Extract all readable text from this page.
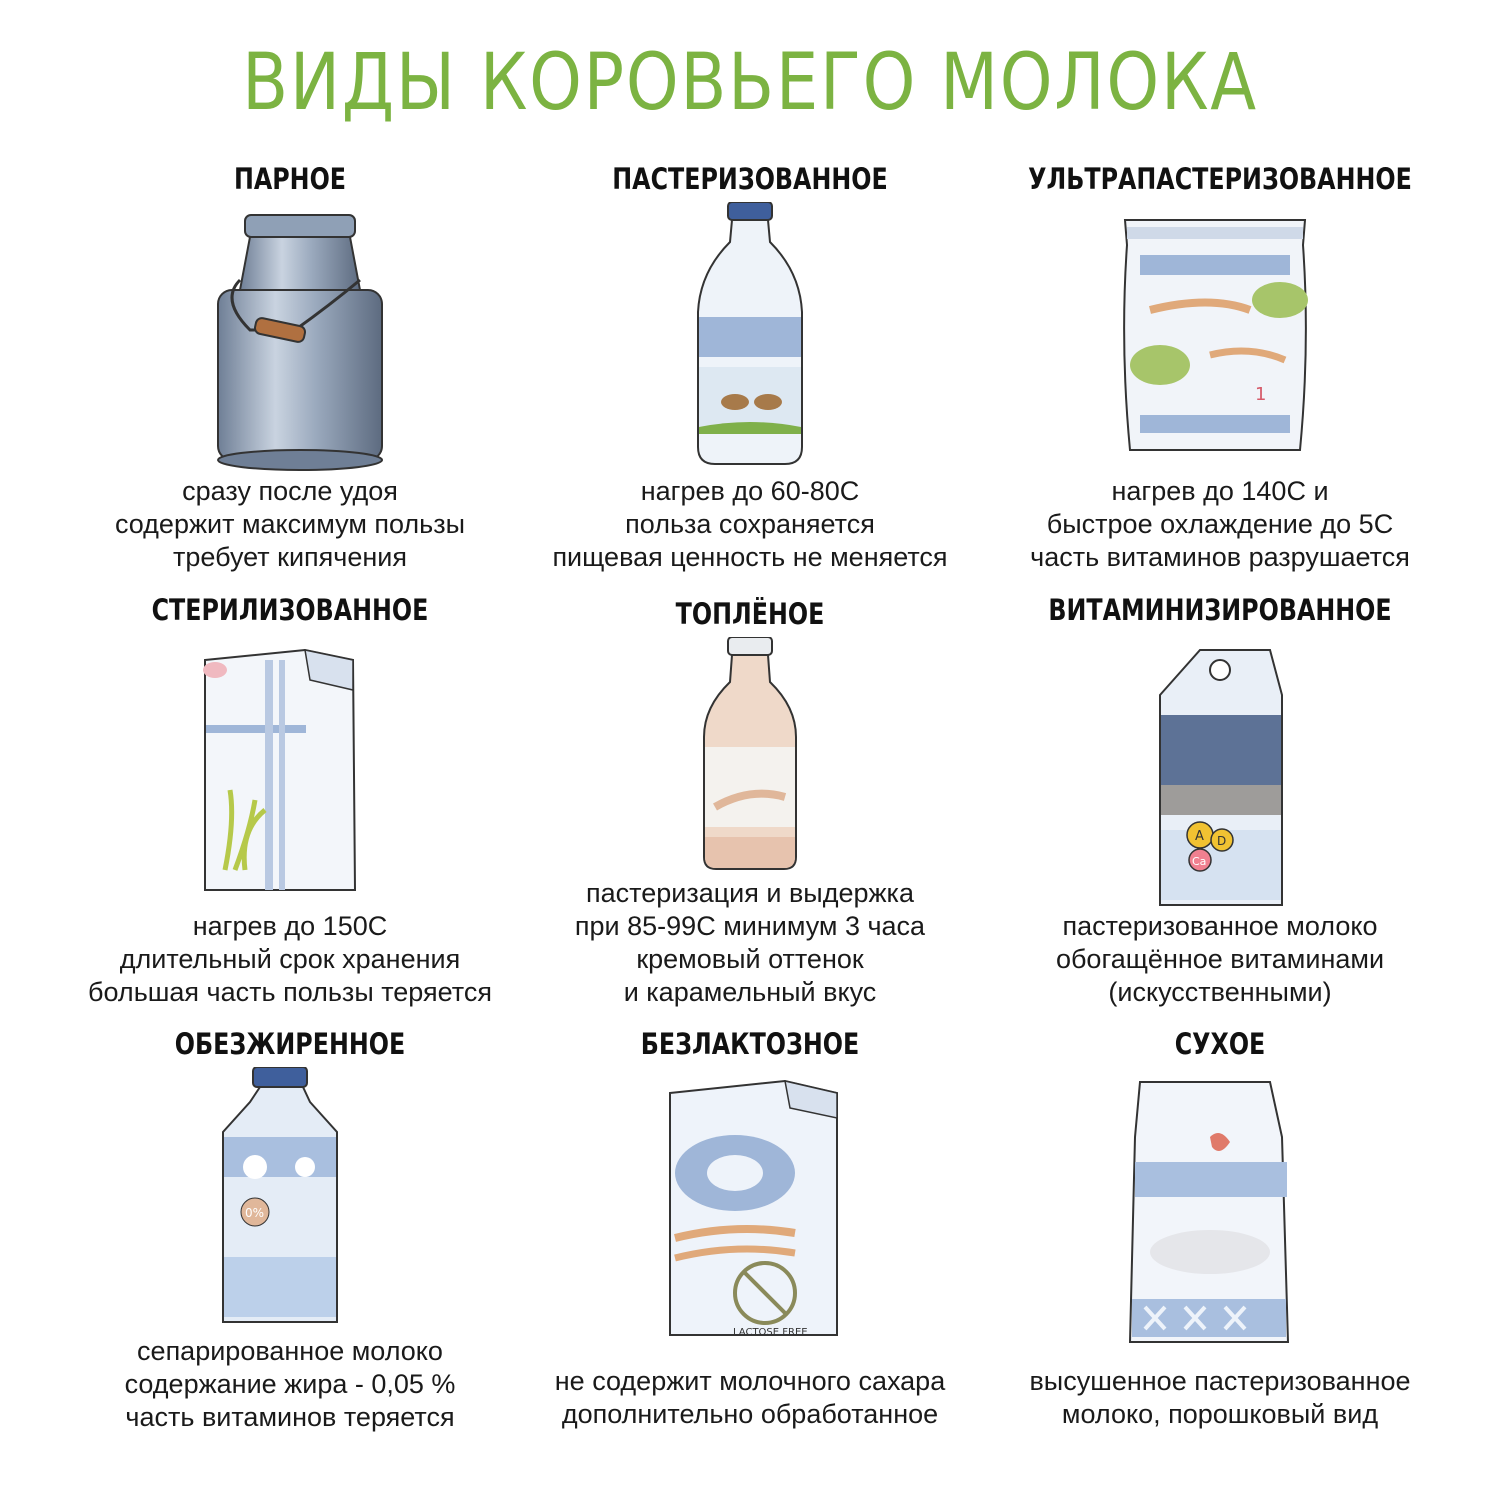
ВИДЫ КОРОВЬЕГО МОЛОКА
ПАРНОЕ
сразу после удоя
содержит максимум пользы
требует кипячения
ПАСТЕРИЗОВАННОЕ
нагрев до 60-80С
польза сохраняется
пищевая ценность не меняется
УЛЬТРАПАСТЕРИЗОВАННОЕ
1
нагрев до 140С и
быстрое охлаждение до 5С
часть витаминов разрушается
СТЕРИЛИЗОВАННОЕ
нагрев до 150С
длительный срок хранения
большая часть пользы теряется
ТОПЛЁНОЕ
пастеризация и выдержка
при 85-99С минимум 3 часа
кремовый оттенок
и карамельный вкус
ВИТАМИНИЗИРОВАННОЕ
A D
Ca
пастеризованное молоко
обогащённое витаминами
(искусственными)
ОБЕЗЖИРЕННОЕ
0%
сепарированное молоко
содержание жира - 0,05 %
часть витаминов теряется
БЕЗЛАКТОЗНОЕ
LACTOSE FREE
не содержит молочного сахара
дополнительно обработанное
СУХОЕ
высушенное пастеризованное
молоко, порошковый вид
